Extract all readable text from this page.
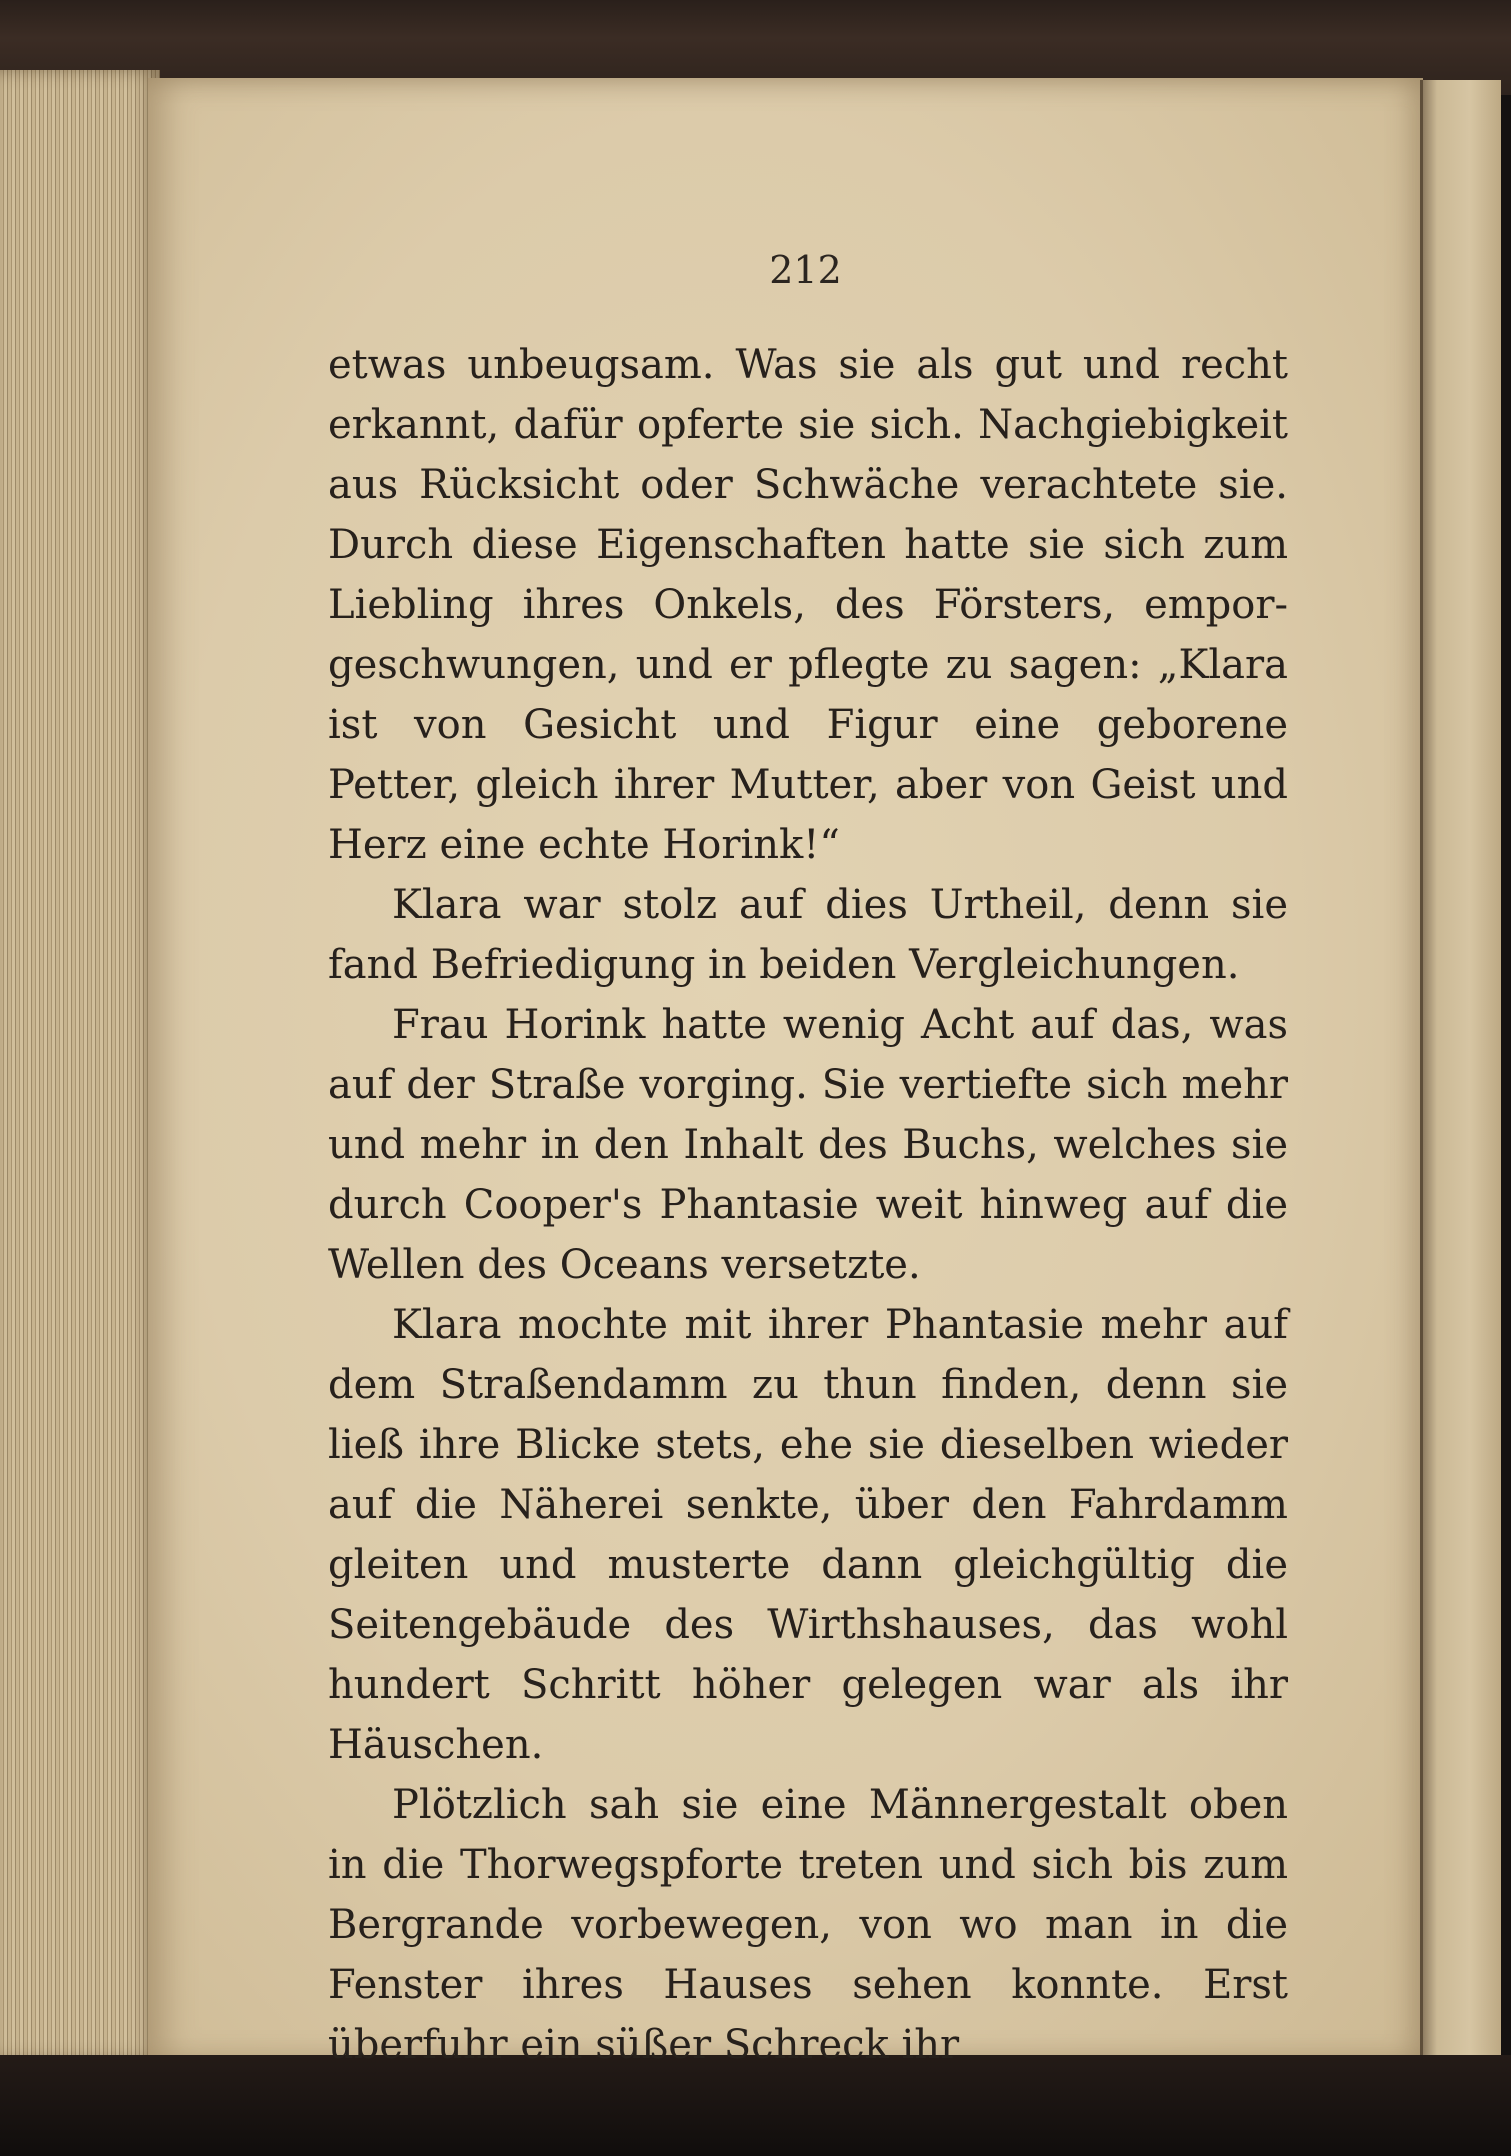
212

etwas unbeugsam. Was sie als gut und recht erkannt, dafür opferte sie sich. Nachgiebigkeit aus Rücksicht oder Schwäche verachtete sie. Durch diese Eigenschaften hatte sie sich zum Liebling ihres Onkels, des Försters, empor- geschwungen, und er pflegte zu sagen: „Klara ist von Gesicht und Figur eine geborene Petter, gleich ihrer Mutter, aber von Geist und Herz eine echte Horink!“

Klara war stolz auf dies Urtheil, denn sie fand Befriedigung in beiden Vergleichungen.

Frau Horink hatte wenig Acht auf das, was auf der Straße vorging. Sie vertiefte sich mehr und mehr in den Inhalt des Buchs, welches sie durch Cooper's Phantasie weit hinweg auf die Wellen des Oceans versetzte.

Klara mochte mit ihrer Phantasie mehr auf dem Straßendamm zu thun finden, denn sie ließ ihre Blicke stets, ehe sie dieselben wieder auf die Näherei senkte, über den Fahrdamm gleiten und musterte dann gleichgültig die Seitengebäude des Wirthshauses, das wohl hundert Schritt höher gelegen war als ihr Häuschen.

Plötzlich sah sie eine Männergestalt oben in die Thorwegspforte treten und sich bis zum Bergrande vorbewegen, von wo man in die Fenster ihres Hauses sehen konnte. Erst überfuhr ein süßer Schreck ihr
